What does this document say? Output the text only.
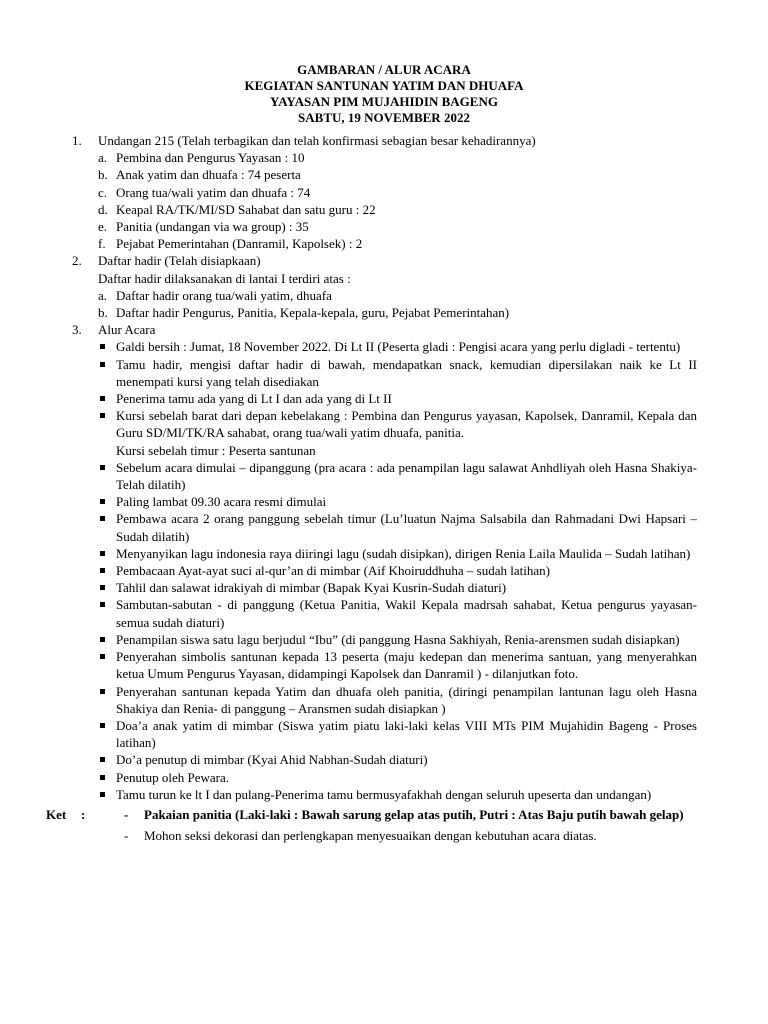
GAMBARAN / ALUR ACARA
KEGIATAN SANTUNAN YATIM DAN DHUAFA
YAYASAN PIM MUJAHIDIN BAGENG
SABTU, 19 NOVEMBER 2022
1. Undangan 215 (Telah terbagikan dan telah konfirmasi sebagian besar kehadirannya)
a. Pembina dan Pengurus Yayasan : 10
b. Anak yatim dan dhuafa : 74 peserta
c. Orang tua/wali yatim dan dhuafa : 74
d. Keapal RA/TK/MI/SD Sahabat dan satu guru : 22
e. Panitia (undangan via wa group) : 35
f. Pejabat Pemerintahan (Danramil, Kapolsek) : 2
2. Daftar hadir (Telah disiapkaan)
Daftar hadir dilaksanakan di lantai I terdiri atas :
a. Daftar hadir orang tua/wali yatim, dhuafa
b. Daftar hadir Pengurus, Panitia, Kepala-kepala, guru, Pejabat Pemerintahan)
3. Alur Acara
Galdi bersih : Jumat, 18 November 2022. Di Lt II (Peserta gladi : Pengisi acara yang perlu digladi - tertentu)
Tamu hadir, mengisi daftar hadir di bawah, mendapatkan snack, kemudian dipersilakan naik ke Lt II menempati kursi yang telah disediakan
Penerima tamu ada yang di Lt I dan ada yang di Lt II
Kursi sebelah barat dari depan kebelakang : Pembina dan Pengurus yayasan, Kapolsek, Danramil, Kepala dan Guru SD/MI/TK/RA sahabat, orang tua/wali yatim dhuafa, panitia.
Kursi sebelah timur : Peserta santunan
Sebelum acara dimulai – dipanggung (pra acara : ada penampilan lagu salawat Anhdliyah oleh Hasna Shakiya-Telah dilatih)
Paling lambat 09.30 acara resmi dimulai
Pembawa acara 2 orang panggung sebelah timur (Lu’luatun Najma Salsabila dan Rahmadani Dwi Hapsari – Sudah dilatih)
Menyanyikan lagu indonesia raya diiringi lagu (sudah disipkan), dirigen Renia Laila Maulida – Sudah latihan)
Pembacaan Ayat-ayat suci al-qur’an di mimbar (Aif Khoiruddhuha – sudah latihan)
Tahlil dan salawat idrakiyah di mimbar (Bapak Kyai Kusrin-Sudah diaturi)
Sambutan-sabutan - di panggung (Ketua Panitia, Wakil Kepala madrsah sahabat, Ketua pengurus yayasan-semua sudah diaturi)
Penampilan siswa satu lagu berjudul “Ibu” (di panggung Hasna Sakhiyah, Renia-arensmen sudah disiapkan)
Penyerahan simbolis santunan kepada 13 peserta (maju kedepan dan menerima santuan, yang menyerahkan ketua Umum Pengurus Yayasan, didampingi Kapolsek dan Danramil ) - dilanjutkan foto.
Penyerahan santunan kepada Yatim dan dhuafa oleh panitia, (diringi penampilan lantunan lagu oleh Hasna Shakiya dan Renia- di panggung – Aransmen sudah disiapkan )
Doa’a anak yatim di mimbar (Siswa yatim piatu laki-laki kelas VIII MTs PIM Mujahidin Bageng - Proses latihan)
Do’a penutup di mimbar (Kyai Ahid Nabhan-Sudah diaturi)
Penutup oleh Pewara.
Tamu turun ke lt I dan pulang-Penerima tamu bermusyafakhah dengan seluruh upeserta dan undangan)
Ket :	- Pakaian panitia (Laki-laki : Bawah sarung gelap atas putih, Putri : Atas Baju putih bawah gelap)
- Mohon seksi dekorasi dan perlengkapan menyesuaikan dengan kebutuhan acara diatas.
